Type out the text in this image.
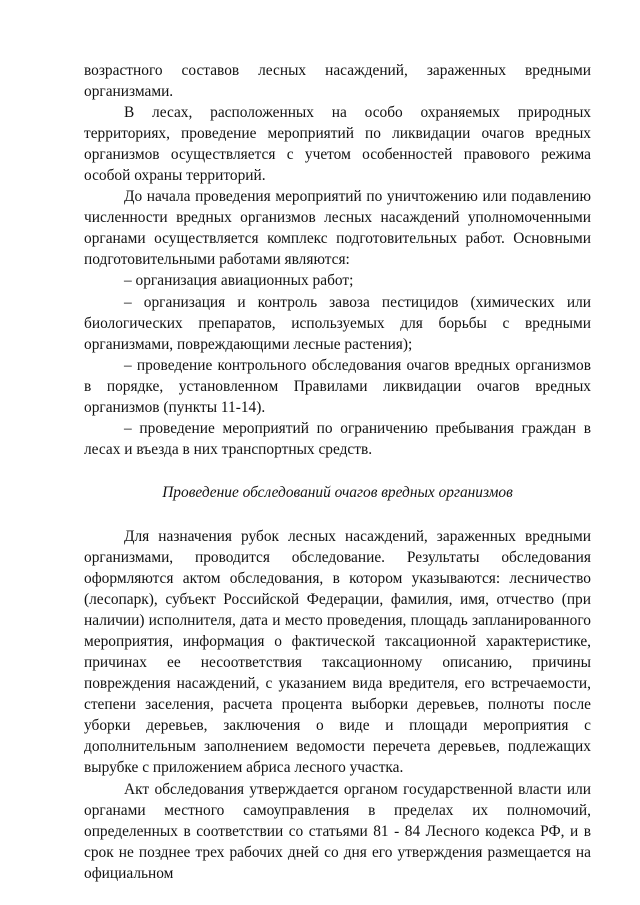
возрастного составов лесных насаждений, зараженных вредными организмами.

В лесах, расположенных на особо охраняемых природных территориях, проведение мероприятий по ликвидации очагов вредных организмов осуществляется с учетом особенностей правового режима особой охраны территорий.

До начала проведения мероприятий по уничтожению или подавлению численности вредных организмов лесных насаждений уполномоченными органами осуществляется комплекс подготовительных работ. Основными подготовительными работами являются:

– организация авиационных работ;

– организация и контроль завоза пестицидов (химических или биологических препаратов, используемых для борьбы с вредными организмами, повреждающими лесные растения);

– проведение контрольного обследования очагов вредных организмов в порядке, установленном Правилами ликвидации очагов вредных организмов (пункты 11-14).

– проведение мероприятий по ограничению пребывания граждан в лесах и въезда в них транспортных средств.

Проведение обследований очагов вредных организмов

Для назначения рубок лесных насаждений, зараженных вредными организмами, проводится обследование. Результаты обследования оформляются актом обследования, в котором указываются: лесничество (лесопарк), субъект Российской Федерации, фамилия, имя, отчество (при наличии) исполнителя, дата и место проведения, площадь запланированного мероприятия, информация о фактической таксационной характеристике, причинах ее несоответствия таксационному описанию, причины повреждения насаждений, с указанием вида вредителя, его встречаемости, степени заселения, расчета процента выборки деревьев, полноты после уборки деревьев, заключения о виде и площади мероприятия с дополнительным заполнением ведомости перечета деревьев, подлежащих вырубке с приложением абриса лесного участка.

Акт обследования утверждается органом государственной власти или органами местного самоуправления в пределах их полномочий, определенных в соответствии со статьями 81 - 84 Лесного кодекса РФ, и в срок не позднее трех рабочих дней со дня его утверждения размещается на официальном
